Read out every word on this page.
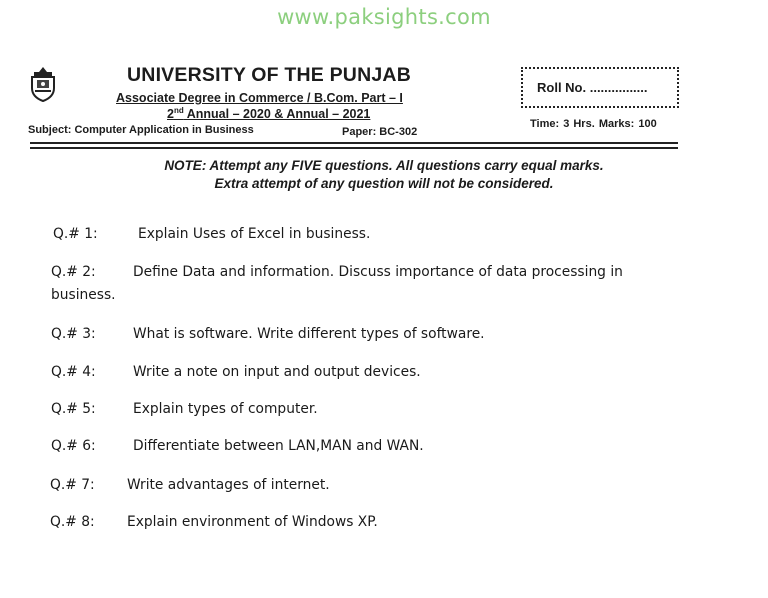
www.paksights.com
UNIVERSITY OF THE PUNJAB
Associate Degree in Commerce / B.Com. Part – I
2nd Annual – 2020 & Annual – 2021
Subject: Computer Application in Business	Paper: BC-302
Roll No. ................
Time: 3 Hrs. Marks: 100
NOTE: Attempt any FIVE questions. All questions carry equal marks.
Extra attempt of any question will not be considered.
Q.# 1:	Explain Uses of Excel in business.
Q.# 2:	Define Data and information. Discuss importance of data processing in
business.
Q.# 3:	What is software. Write different types of software.
Q.# 4:	Write a note on input and output devices.
Q.# 5:	Explain types of computer.
Q.# 6:	Differentiate between LAN,MAN and WAN.
Q.# 7: Write advantages of internet.
Q.# 8: Explain environment of Windows XP.
